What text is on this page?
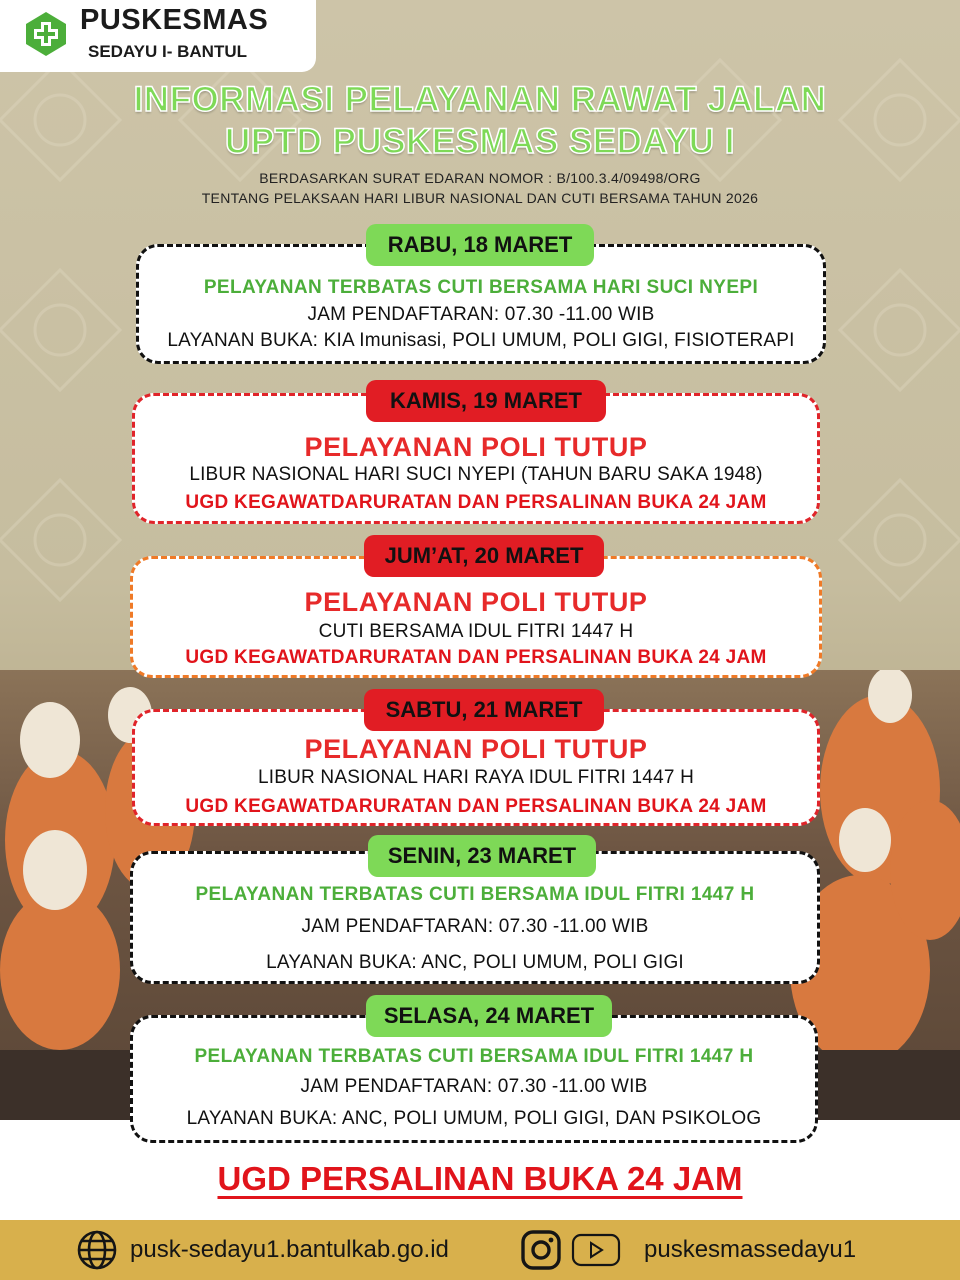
PUSKESMAS
SEDAYU I- BANTUL
INFORMASI PELAYANAN RAWAT JALAN
UPTD PUSKESMAS SEDAYU I
BERDASARKAN SURAT EDARAN NOMOR : B/100.3.4/09498/ORG
TENTANG PELAKSAAN HARI LIBUR NASIONAL DAN CUTI BERSAMA TAHUN 2026
PELAYANAN TERBATAS CUTI BERSAMA HARI SUCI NYEPI
JAM PENDAFTARAN: 07.30 -11.00 WIB
LAYANAN BUKA: KIA Imunisasi, POLI UMUM, POLI GIGI, FISIOTERAPI
RABU, 18 MARET
PELAYANAN POLI TUTUP
LIBUR NASIONAL HARI SUCI NYEPI (TAHUN BARU SAKA 1948)
UGD KEGAWATDARURATAN DAN PERSALINAN BUKA 24 JAM
KAMIS, 19 MARET
PELAYANAN POLI TUTUP
CUTI BERSAMA IDUL FITRI 1447 H
UGD KEGAWATDARURATAN DAN PERSALINAN BUKA 24 JAM
JUM’AT, 20 MARET
PELAYANAN POLI TUTUP
LIBUR NASIONAL HARI RAYA IDUL FITRI 1447 H
UGD KEGAWATDARURATAN DAN PERSALINAN BUKA 24 JAM
SABTU, 21 MARET
PELAYANAN TERBATAS CUTI BERSAMA IDUL FITRI 1447 H
JAM PENDAFTARAN: 07.30 -11.00 WIB
LAYANAN BUKA: ANC, POLI UMUM, POLI GIGI
SENIN, 23 MARET
PELAYANAN TERBATAS CUTI BERSAMA IDUL FITRI 1447 H
JAM PENDAFTARAN: 07.30 -11.00 WIB
LAYANAN BUKA: ANC, POLI UMUM, POLI GIGI, DAN PSIKOLOG
SELASA, 24 MARET
UGD PERSALINAN BUKA 24 JAM
pusk-sedayu1.bantulkab.go.id	puskesmassedayu1
